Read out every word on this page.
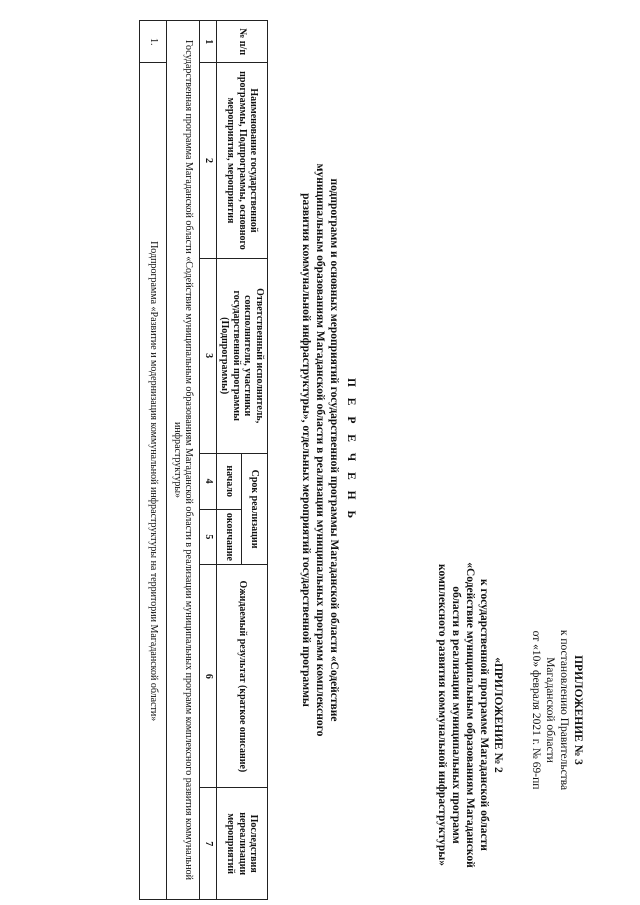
ПРИЛОЖЕНИЕ № 3
к постановлению Правительства
Магаданской области
от «10» февраля 2021 г. № 69-пп
«ПРИЛОЖЕНИЕ № 2
к государственной программе Магаданской области «Содействие муниципальным образованиям Магаданской области в реализации муниципальных программ комплексного развития коммунальной инфраструктуры»
П Е Р Е Ч Е Н Ь
подпрограмм и основных мероприятий государственной программы Магаданской области «Содействие муниципальным образованиям Магаданской области в реализации муниципальных программ комплексного развития коммунальной инфраструктуры», отдельных мероприятий государственной программы
№ п/п	Наименование государственной программы, Подпрограммы, основного мероприятия, мероприятия	Ответственный исполнитель, соисполнители, участники государственной программы (Подпрограммы)	Срок реализации		Ожидаемый результат (краткое описание)	Последствия нереализации мероприятий
			начало	окончание		
1	2	3	4	5	6	7
Государственная программа Магаданской области «Содействие муниципальным образованиям Магаданской области в реализации муниципальных программ комплексного развития коммунальной инфраструктуры»						
1.	Подпрограмма «Развитие и модернизация коммунальной инфраструктуры на территории Магаданской области»					
